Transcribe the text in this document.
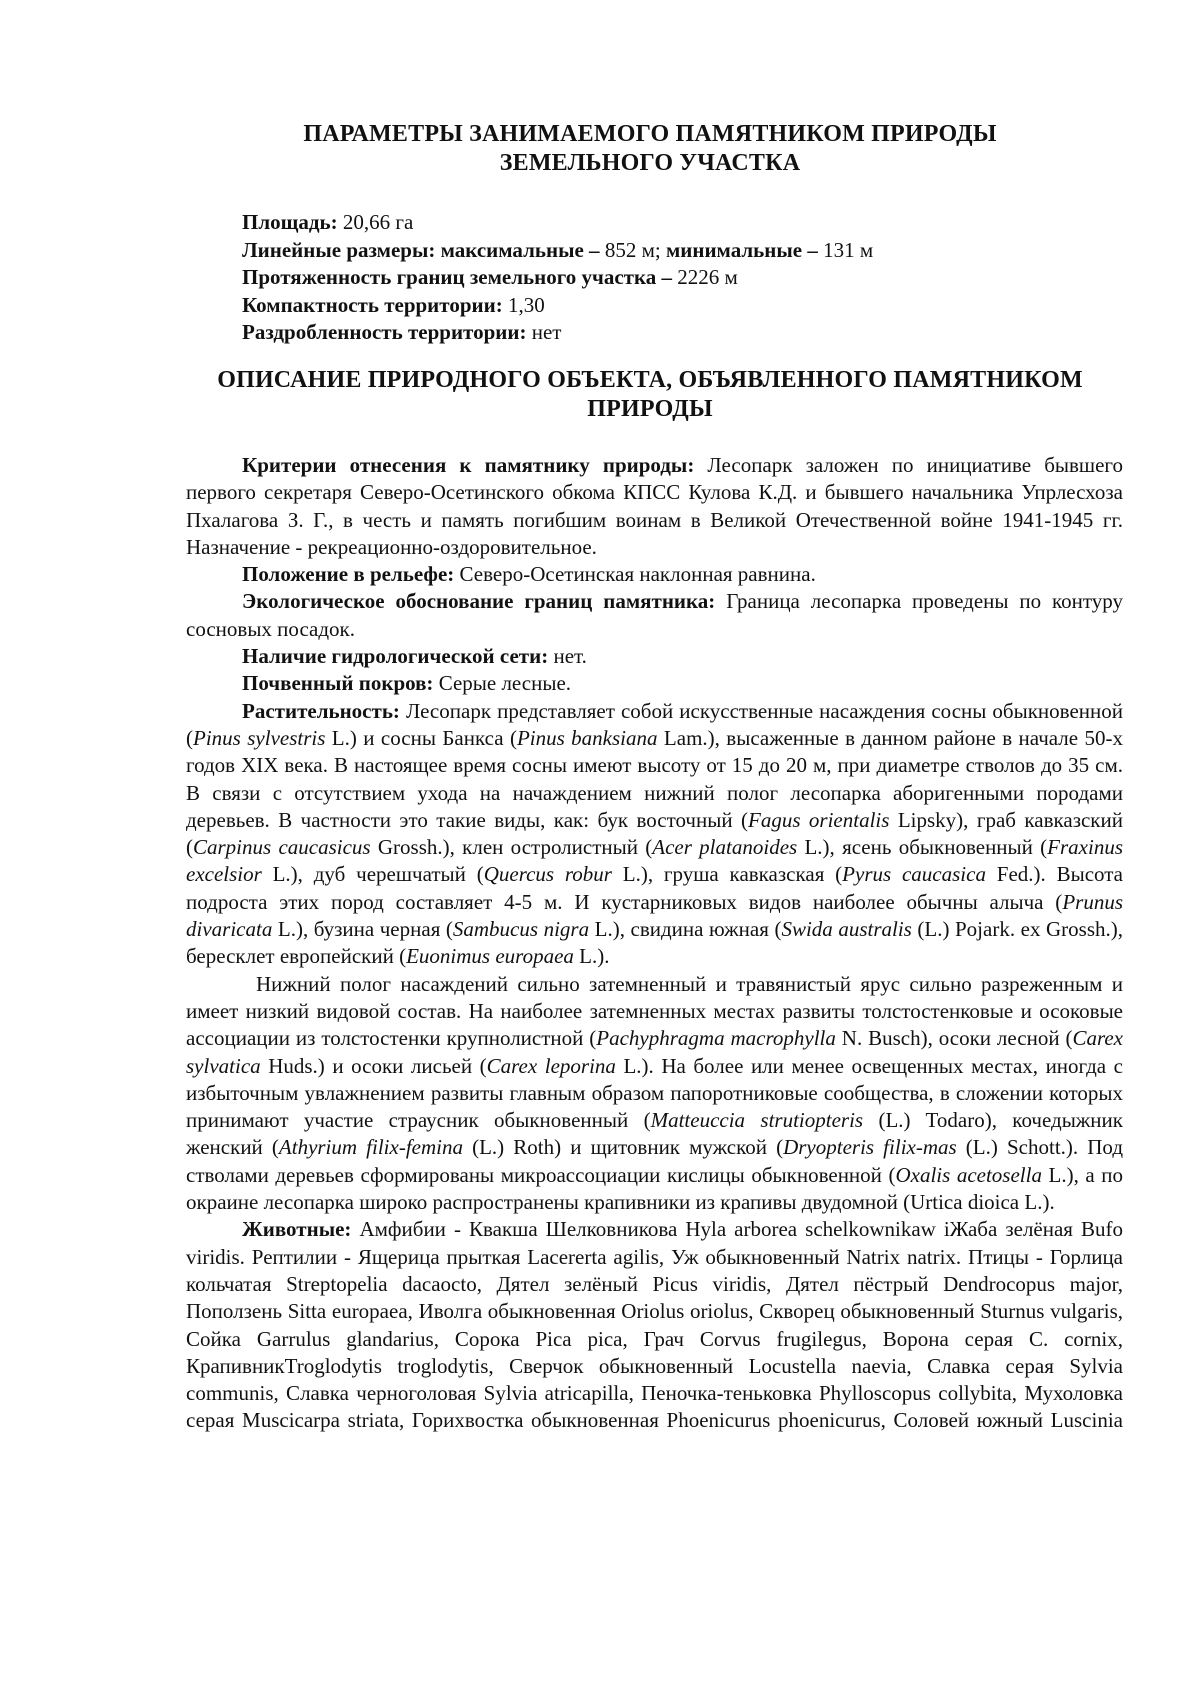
ПАРАМЕТРЫ ЗАНИМАЕМОГО ПАМЯТНИКОМ ПРИРОДЫ
ЗЕМЕЛЬНОГО УЧАСТКА
Площадь: 20,66 га
Линейные размеры: максимальные – 852 м; минимальные – 131 м
Протяженность границ земельного участка – 2226 м
Компактность территории: 1,30
Раздробленность территории: нет
ОПИСАНИЕ ПРИРОДНОГО ОБЪЕКТА, ОБЪЯВЛЕННОГО ПАМЯТНИКОМ
ПРИРОДЫ

Критерии отнесения к памятнику природы: Лесопарк заложен по инициативе бывшего первого секретаря Северо-Осетинского обкома КПСС Кулова К.Д. и бывшего начальника Упрлесхоза Пхалагова З. Г., в честь и память погибшим воинам в Великой Отечественной войне 1941-1945 гг. Назначение - рекреационно-оздоровительное.

Положение в рельефе: Северо-Осетинская наклонная равнина.

Экологическое обоснование границ памятника: Граница лесопарка проведены по контуру сосновых посадок.

Наличие гидрологической сети: нет.

Почвенный покров: Серые лесные.

Растительность: Лесопарк представляет собой искусственные насаждения сосны обыкновенной (Pinus sylvestris L.) и сосны Банкса (Pinus banksiana Lam.), высаженные в данном районе в начале 50-х годов XIX века. В настоящее время сосны имеют высоту от 15 до 20 м, при диаметре стволов до 35 см. В связи с отсутствием ухода на начаждением нижний полог лесопарка аборигенными породами деревьев. В частности это такие виды, как: бук восточный (Fagus orientalis Lipsky), граб кавказский (Carpinus caucasicus Grossh.), клен остролистный (Acer platanoides L.), ясень обыкновенный (Fraxinus excelsior L.), дуб черешчатый (Quercus robur L.), груша кавказская (Pyrus caucasica Fed.). Высота подроста этих пород составляет 4-5 м. И кустарниковых видов наиболее обычны алыча (Prunus divaricata L.), бузина черная (Sambucus nigra L.), свидина южная (Swida australis (L.) Pojark. ex Grossh.), бересклет европейский (Euonimus europaea L.).

Нижний полог насаждений сильно затемненный и травянистый ярус сильно разреженным и имеет низкий видовой состав. На наиболее затемненных местах развиты толстостенковые и осоковые ассоциации из толстостенки крупнолистной (Pachyphragma macrophylla N. Busch), осоки лесной (Carex sylvatica Huds.) и осоки лисьей (Carex leporina L.). На более или менее освещенных местах, иногда с избыточным увлажнением развиты главным образом папоротниковые сообщества, в сложении которых принимают участие страусник обыкновенный (Matteuccia strutiopteris (L.) Todaro), кочедыжник женский (Athyrium filix-femina (L.) Roth) и щитовник мужской (Dryopteris filix-mas (L.) Schott.). Под стволами деревьев сформированы микроассоциации кислицы обыкновенной (Oxalis acetosella L.), а по окраине лесопарка широко распространены крапивники из крапивы двудомной (Urtica dioica L.).

Животные: Амфибии - Квакша Шелковникова Hyla arborea schelkownikaw іЖаба зелёная Bufo viridis. Рептилии - Ящерица прыткая Lacererta agilis, Уж обыкновенный Natrix natrix. Птицы - Горлица кольчатая Streptopelia dacaocto, Дятел зелёный Picus viridis, Дятел пёстрый Dendrocopus major, Поползень Sitta europaea, Иволга обыкновенная Oriolus oriolus, Скворец обыкновенный Sturnus vulgaris, Сойка Garrulus glandarius, Сорока Pica pica, Грач Corvus frugilegus, Ворона серая C. cornix, КрапивникTroglodytis troglodytis, Сверчок обыкновенный Locustella naevia, Славка серая Sylvia communis, Славка черноголовая Sylvia atricapilla, Пеночка-теньковка Phylloscopus collybita, Мухоловка серая Muscicarpa striata, Горихвостка обыкновенная Phoenicurus phoenicurus, Соловей южный Luscinia
